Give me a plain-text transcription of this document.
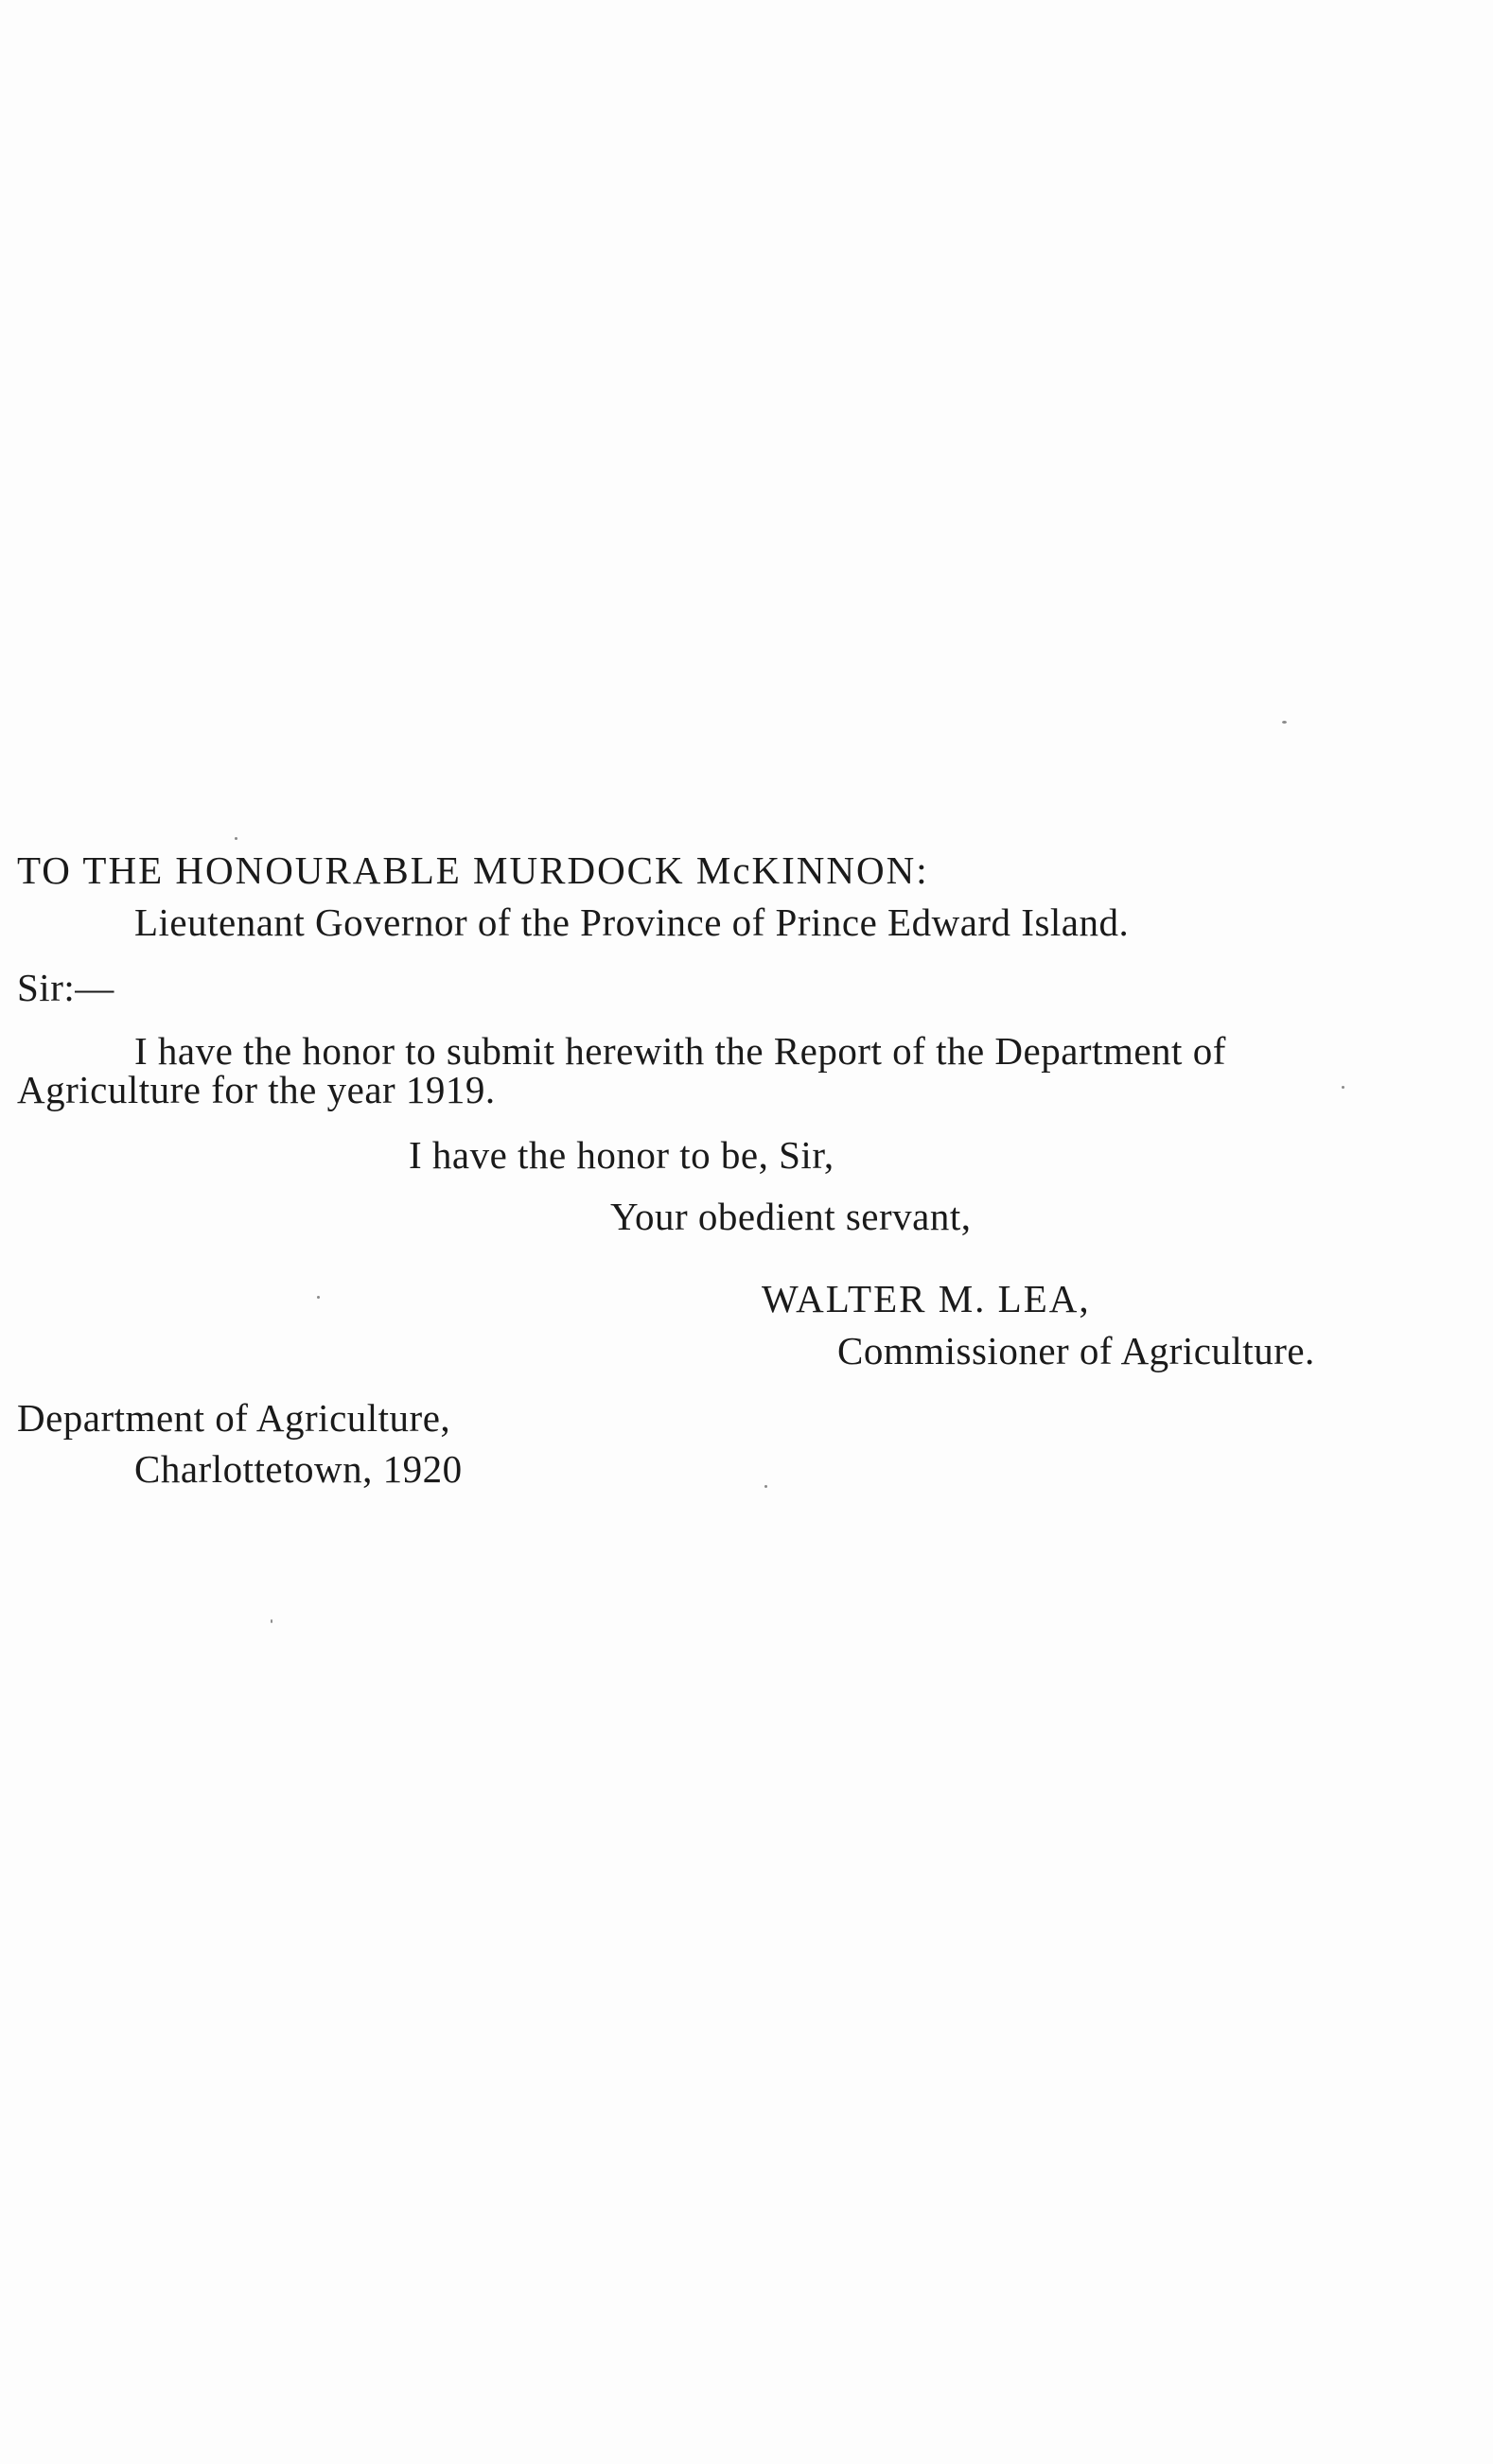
TO THE HONOURABLE MURDOCK McKINNON:
Lieutenant Governor of the Province of Prince Edward Island.
Sir:—
I have the honor to submit herewith the Report of the Department of
Agriculture for the year 1919.
I have the honor to be, Sir,
Your obedient servant,
WALTER M. LEA,
Commissioner of Agriculture.
Department of Agriculture,
Charlottetown, 1920
